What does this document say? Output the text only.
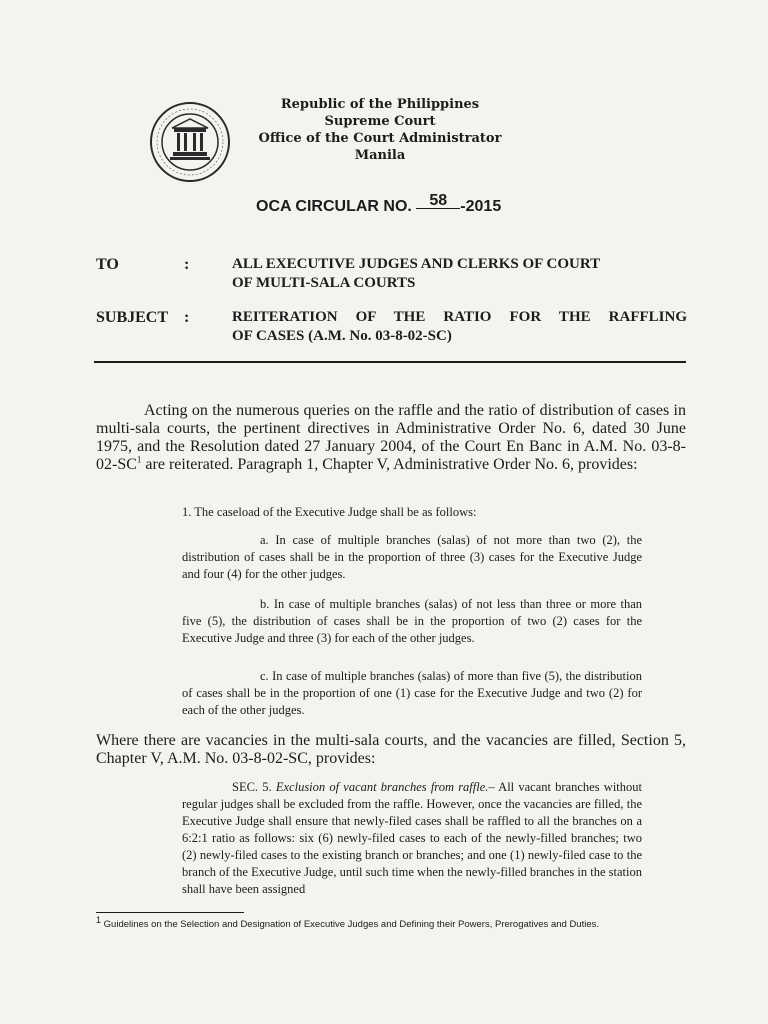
Republic of the Philippines
Supreme Court
Office of the Court Administrator
Manila
OCA CIRCULAR NO. 58 -2015
TO	:	ALL EXECUTIVE JUDGES AND CLERKS OF COURT
OF MULTI-SALA COURTS
SUBJECT :	REITERATION OF THE RATIO FOR THE RAFFLING
OF CASES (A.M. No. 03-8-02-SC)
Acting on the numerous queries on the raffle and the ratio of distribution of cases in multi-sala courts, the pertinent directives in Administrative Order No. 6, dated 30 June 1975, and the Resolution dated 27 January 2004, of the Court En Banc in A.M. No. $03-8-02-SC^1$ are reiterated. Paragraph 1, Chapter V, Administrative Order No. 6, provides:
1. The caseload of the Executive Judge shall be as follows:
a. In case of multiple branches (salas) of not more than two (2), the distribution of cases shall be in the proportion of three (3) cases for the Executive Judge and four (4) for the other judges.
b. In case of multiple branches (salas) of not less than three or more than five (5), the distribution of cases shall be in the proportion of two (2) cases for the Executive Judge and three (3) for each of the other judges.
c. In case of multiple branches (salas) of more than five (5), the distribution of cases shall be in the proportion of one (1) case for the Executive Judge and two (2) for each of the other judges.
Where there are vacancies in the multi-sala courts, and the vacancies are filled, Section 5, Chapter V, A.M. No. 03-8-02-SC, provides:
SEC. 5. Exclusion of vacant branches from raffle.– All vacant branches without regular judges shall be excluded from the raffle. However, once the vacancies are filled, the Executive Judge shall ensure that newly-filed cases shall be raffled to all the branches on a 6:2:1 ratio as follows: six (6) newly-filed cases to each of the newly-filled branches; two (2) newly-filed cases to the existing branch or branches; and one (1) newly-filed case to the branch of the Executive Judge, until such time when the newly-filled branches in the station shall have been assigned
$^1$ Guidelines on the Selection and Designation of Executive Judges and Defining their Powers, Prerogatives and Duties.
